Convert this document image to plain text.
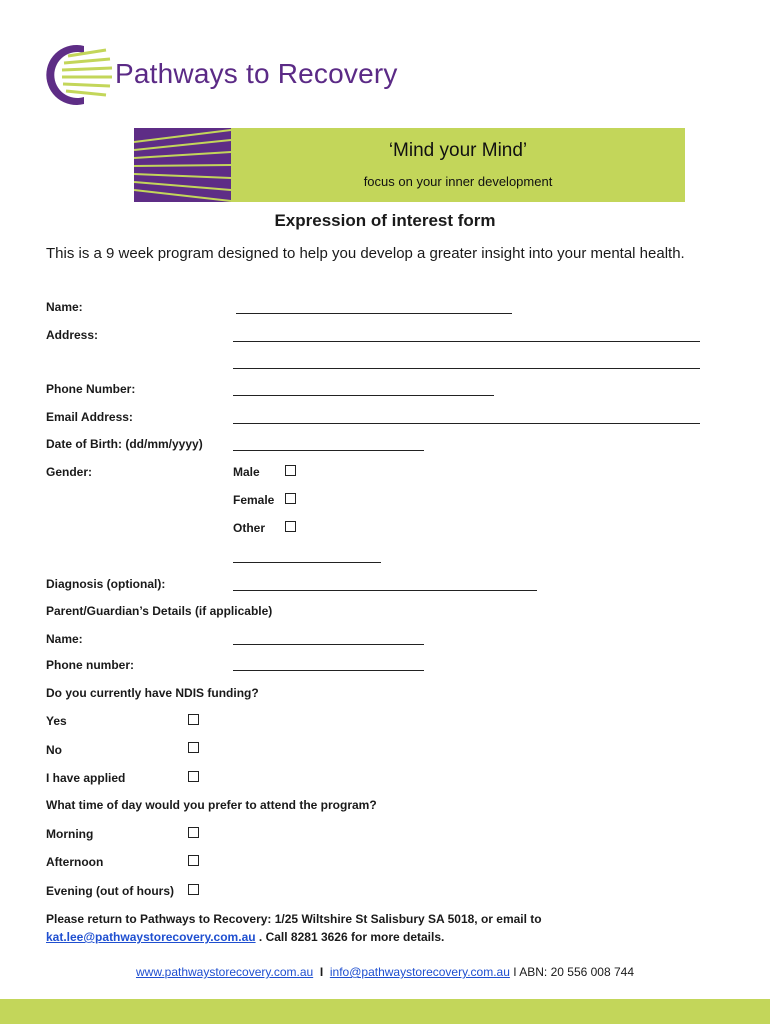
Pathways to Recovery
‘Mind your Mind’
focus on your inner development
Expression of interest form
This is a 9 week program designed to help you develop a greater insight into your mental health.
Name:
Address:
Phone Number:
Email Address:
Date of Birth: (dd/mm/yyyy)
Gender:	Male
Female
Other
Diagnosis (optional):
Parent/Guardian’s Details (if applicable)
Name:
Phone number:
Do you currently have NDIS funding?
Yes
No
I have applied
What time of day would you prefer to attend the program?
Morning
Afternoon
Evening (out of hours)
Please return to Pathways to Recovery: 1/25 Wiltshire St Salisbury SA 5018, or email to
kat.lee@pathwaystorecovery.com.au . Call 8281 3626 for more details.
www.pathwaystorecovery.com.au I info@pathwaystorecovery.com.au I ABN: 20 556 008 744
